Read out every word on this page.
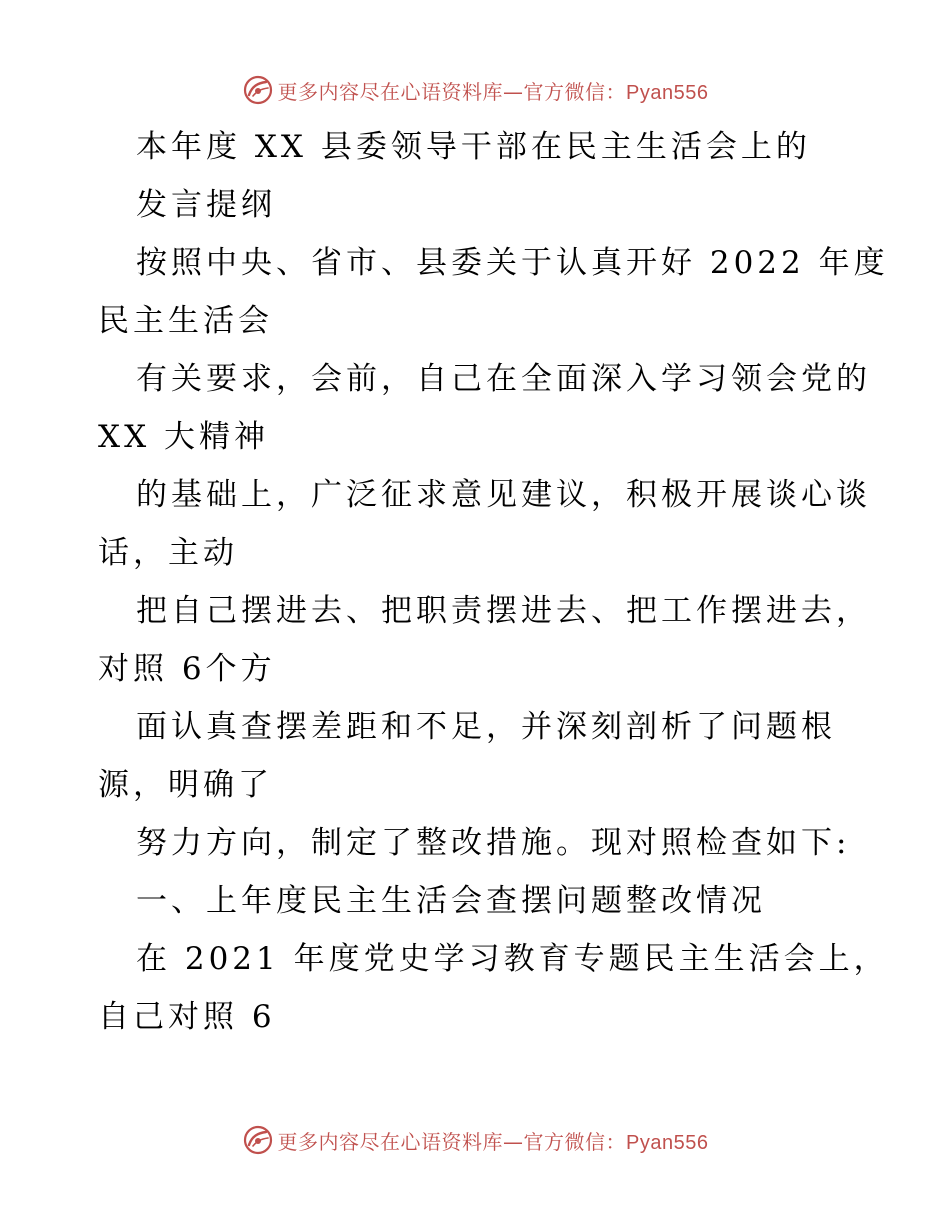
更多内容尽在心语资料库—官方微信：Pyan556
本年度 XX 县委领导干部在民主生活会上的
发言提纲
按照中央、省市、县委关于认真开好 2022 年度
民主生活会
有关要求，会前，自己在全面深入学习领会党的
XX 大精神
的基础上，广泛征求意见建议，积极开展谈心谈
话，主动
把自己摆进去、把职责摆进去、把工作摆进去，
对照 6个方
面认真查摆差距和不足，并深刻剖析了问题根
源，明确了
努力方向，制定了整改措施。现对照检查如下:
一、上年度民主生活会查摆问题整改情况
在 2021 年度党史学习教育专题民主生活会上，
自己对照 6
更多内容尽在心语资料库—官方微信：Pyan556
